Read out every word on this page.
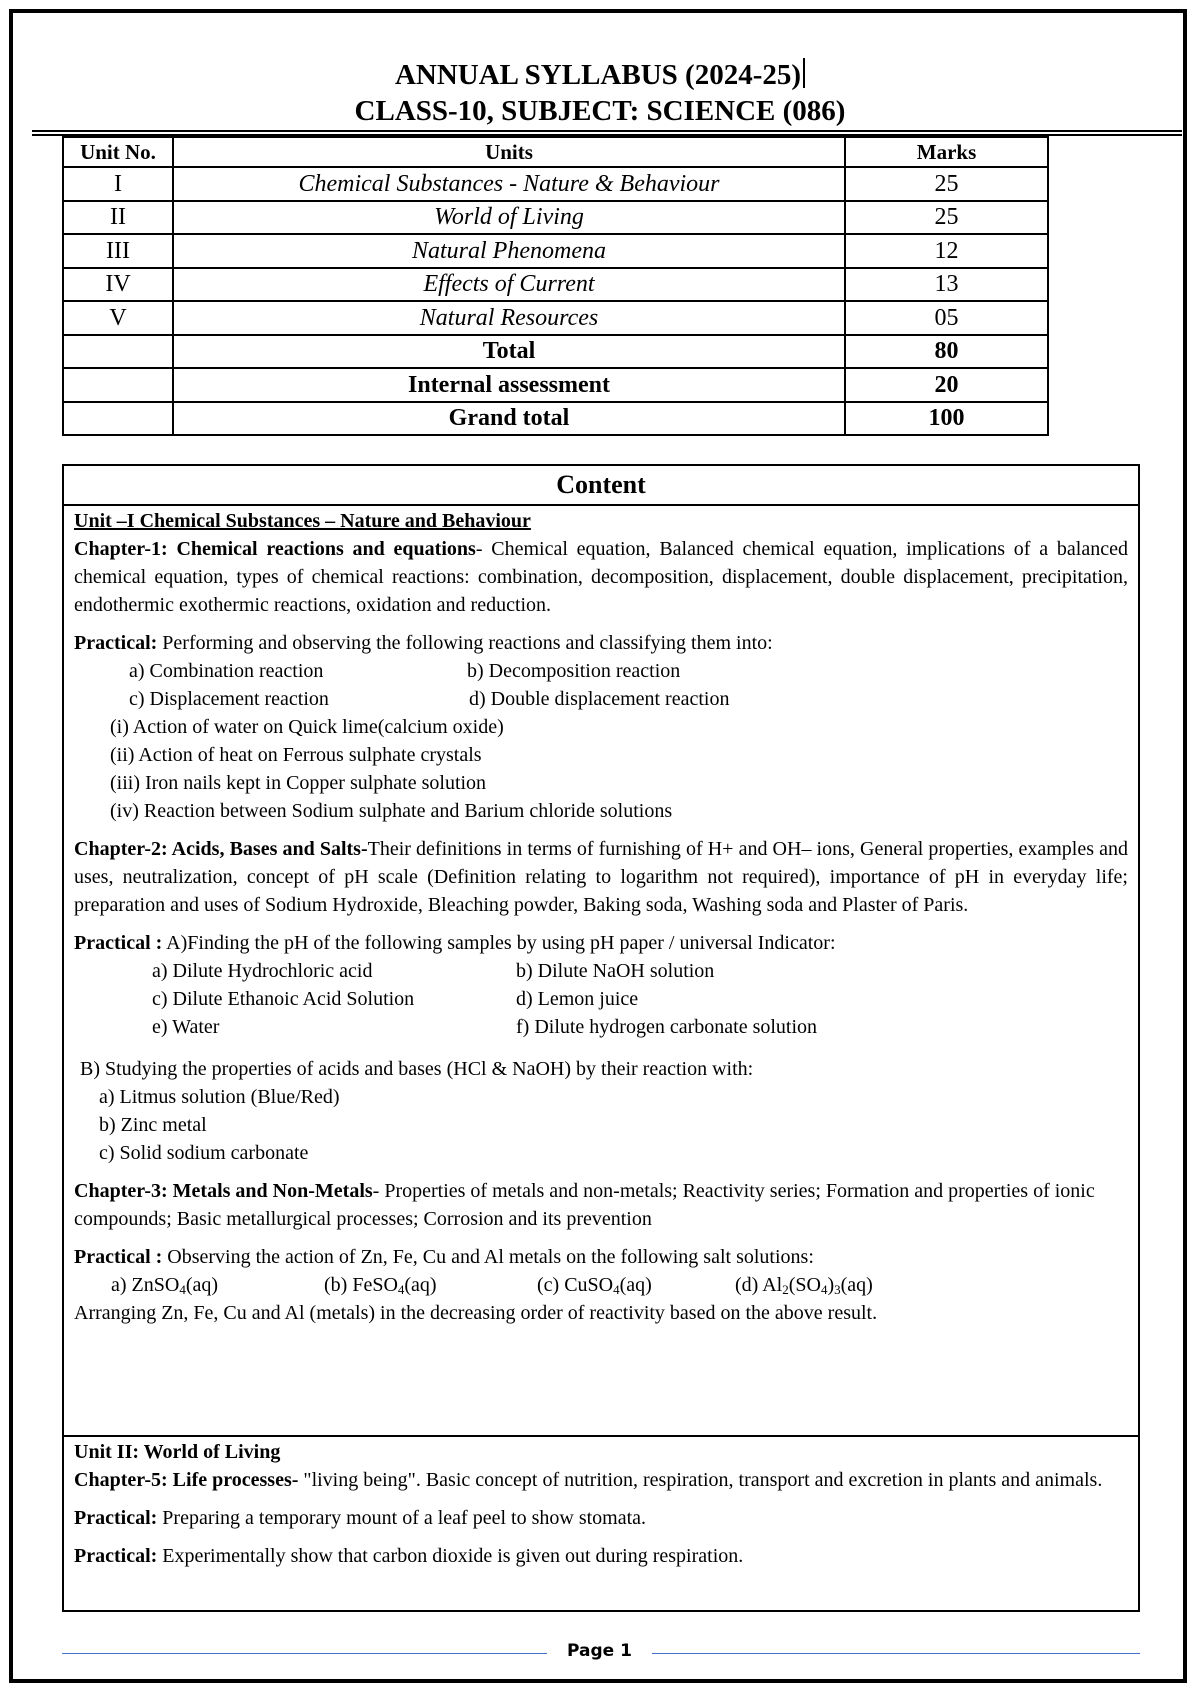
ANNUAL SYLLABUS (2024-25)
CLASS-10, SUBJECT: SCIENCE (086)
Unit No.	Units	Marks
I	Chemical Substances - Nature & Behaviour	25
II	World of Living	25
III	Natural Phenomena	12
IV	Effects of Current	13
V	Natural Resources	05
	Total	80
	Internal assessment	20
	Grand total	100
Content

Unit –I Chemical Substances – Nature and Behaviour

Chapter-1: Chemical reactions and equations- Chemical equation, Balanced chemical equation, implications of a balanced chemical equation, types of chemical reactions: combination, decomposition, displacement, double displacement, precipitation, endothermic exothermic reactions, oxidation and reduction.

Practical: Performing and observing the following reactions and classifying them into:

a) Combination reaction	b) Decomposition reaction
c) Displacement reaction	d) Double displacement reaction

(i) Action of water on Quick lime(calcium oxide)

(ii) Action of heat on Ferrous sulphate crystals

(iii) Iron nails kept in Copper sulphate solution

(iv) Reaction between Sodium sulphate and Barium chloride solutions

Chapter-2: Acids, Bases and Salts-Their definitions in terms of furnishing of H+ and OH– ions, General properties, examples and uses, neutralization, concept of pH scale (Definition relating to logarithm not required), importance of pH in everyday life; preparation and uses of Sodium Hydroxide, Bleaching powder, Baking soda, Washing soda and Plaster of Paris.

Practical : A)Finding the pH of the following samples by using pH paper / universal Indicator:

a) Dilute Hydrochloric acid	b) Dilute NaOH solution
c) Dilute Ethanoic Acid Solution	d) Lemon juice
e) Water	f) Dilute hydrogen carbonate solution

B) Studying the properties of acids and bases (HCl & NaOH) by their reaction with:

a) Litmus solution (Blue/Red)

b) Zinc metal

c) Solid sodium carbonate

Chapter-3: Metals and Non-Metals- Properties of metals and non-metals; Reactivity series; Formation and properties of ionic compounds; Basic metallurgical processes; Corrosion and its prevention

Practical : Observing the action of Zn, Fe, Cu and Al metals on the following salt solutions:

a) ZnSO$_4$(aq)	(b) FeSO$_4$(aq)	(c) CuSO$_4$(aq)	(d) $Al_2(SO_4)_3(aq)$

Arranging Zn, Fe, Cu and Al (metals) in the decreasing order of reactivity based on the above result.

Unit II: World of Living

Chapter-5: Life processes- "living being". Basic concept of nutrition, respiration, transport and excretion in plants and animals.

Practical: Preparing a temporary mount of a leaf peel to show stomata.

Practical: Experimentally show that carbon dioxide is given out during respiration.

Page 1
